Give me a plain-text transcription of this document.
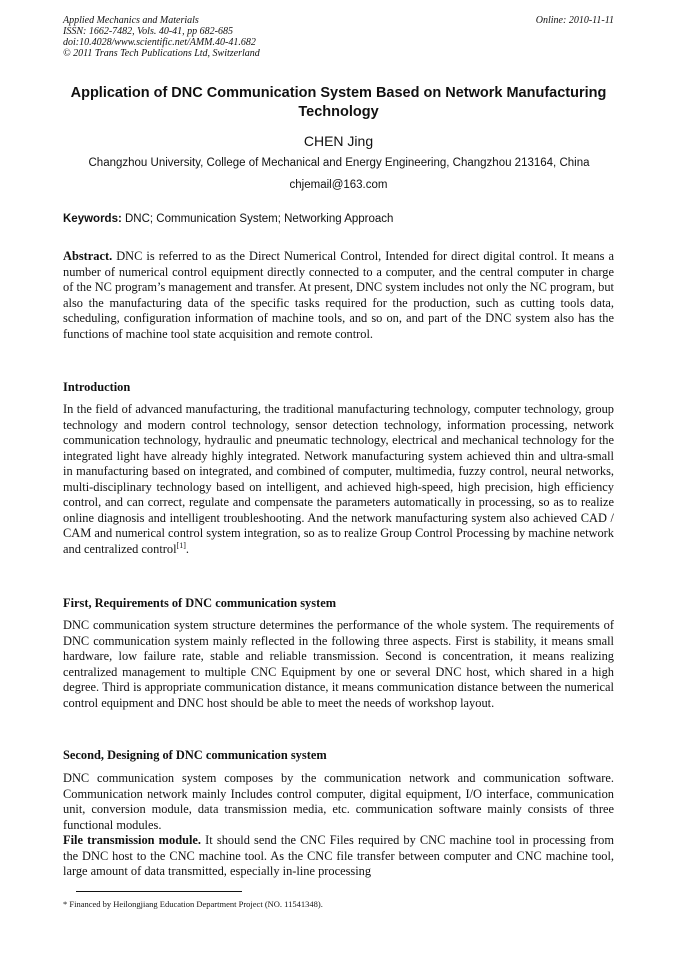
Applied Mechanics and Materials
ISSN: 1662-7482, Vols. 40-41, pp 682-685
doi:10.4028/www.scientific.net/AMM.40-41.682
© 2011 Trans Tech Publications Ltd, Switzerland
Online: 2010-11-11
Application of DNC Communication System Based on Network Manufacturing Technology
CHEN Jing
Changzhou University, College of Mechanical and Energy Engineering, Changzhou 213164, China
chjemail@163.com
Keywords: DNC; Communication System; Networking Approach

Abstract. DNC is referred to as the Direct Numerical Control, Intended for direct digital control. It means a number of numerical control equipment directly connected to a computer, and the central computer in charge of the NC program’s management and transfer. At present, DNC system includes not only the NC program, but also the manufacturing data of the specific tasks required for the production, such as cutting tools data, scheduling, configuration information of machine tools, and so on, and part of the DNC system also has the functions of machine tool state acquisition and remote control.

Introduction

In the field of advanced manufacturing, the traditional manufacturing technology, computer technology, group technology and modern control technology, sensor detection technology, information processing, network communication technology, hydraulic and pneumatic technology, electrical and mechanical technology for the integrated light have already highly integrated. Network manufacturing system achieved thin and ultra-small in manufacturing based on integrated, and combined of computer, multimedia, fuzzy control, neural networks, multi-disciplinary technology based on intelligent, and achieved high-speed, high precision, high efficiency control, and can correct, regulate and compensate the parameters automatically in processing, so as to realize online diagnosis and intelligent troubleshooting. And the network manufacturing system also achieved CAD / CAM and numerical control system integration, so as to realize Group Control Processing by machine network and centralized control[1].

First, Requirements of DNC communication system

DNC communication system structure determines the performance of the whole system. The requirements of DNC communication system mainly reflected in the following three aspects. First is stability, it means small hardware, low failure rate, stable and reliable transmission. Second is concentration, it means realizing centralized management to multiple CNC Equipment by one or several DNC host, which shared in a high degree. Third is appropriate communication distance, it means communication distance between the numerical control equipment and DNC host should be able to meet the needs of workshop layout.

Second, Designing of DNC communication system

DNC communication system composes by the communication network and communication software. Communication network mainly Includes control computer, digital equipment, I/O interface, communication unit, conversion module, data transmission media, etc. communication software mainly consists of three functional modules.

File transmission module. It should send the CNC Files required by CNC machine tool in processing from the DNC host to the CNC machine tool. As the CNC file transfer between computer and CNC machine tool, large amount of data transmitted, especially in-line processing

* Financed by Heilongjiang Education Department Project (NO. 11541348).
